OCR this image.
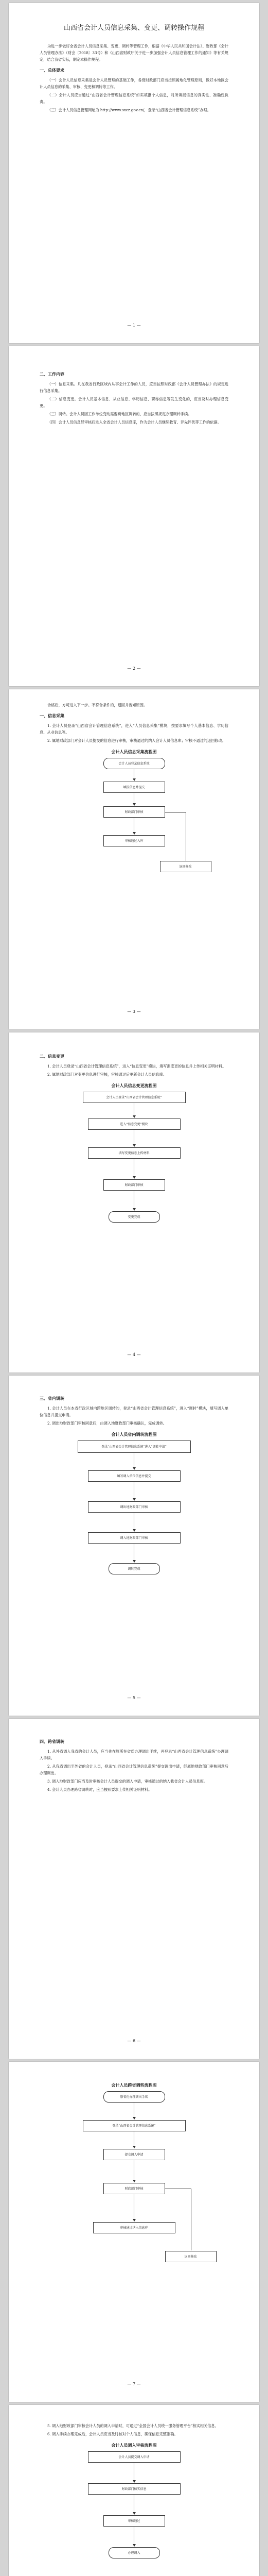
山西省会计人员信息采集、变更、调转操作规程

为进一步做好全省会计人员信息采集、变更、调转等管理工作，根据《中华人民共和国会计法》、财政部《会计人员管理办法》（财会〔2018〕33号）和《山西省财政厅关于进一步加强会计人员信息管理工作的通知》等有关规定，结合我省实际，制定本操作规程。

一、总体要求

（一）会计人员信息采集是会计人员管理的基础工作，各级财政部门应当按照属地化管理原则，做好本地区会计人员信息的采集、审核、变更和调转等工作。

（二）会计人员应当通过“山西省会计管理信息系统”如实填报个人信息，对所填报信息的真实性、准确性负责。

（三）会计人员信息管理网址为 http://www.sxcz.gov.cn/，登录“山西省会计管理信息系统”办理。

— 1 —
二、工作内容

（一）信息采集。凡在我省行政区域内从事会计工作的人员，应当按照财政部《会计人员管理办法》的规定进行信息采集。

（二）信息变更。会计人员基本信息、从业信息、学历信息、职称信息等发生变化的，应当及时办理信息变更。

（三）调转。会计人员因工作单位变动需要跨地区调转的，应当按照规定办理调转手续。

（四）会计人员信息经审核后进入全省会计人员信息库，作为会计人员继续教育、评先评优等工作的依据。

— 2 —

合格后，方可进入下一步。不符合条件的，退回并告知原因。

一、信息采集

1. 会计人员登录“山西省会计管理信息系统”，进入“人员信息采集”模块，按要求填写个人基本信息、学历信息、从业信息等。

2. 属地财政部门对会计人员提交的信息进行审核，审核通过的纳入会计人员信息库；审核不通过的退回修改。

会计人员信息采集流程图
会计人员登录信息系统
填报信息并提交
财政部门审核
审核通过入库
退回修改
— 3 —
二、信息变更

1. 会计人员登录“山西省会计管理信息系统”，进入“信息变更”模块，填写需变更的信息并上传相关证明材料。

2. 属地财政部门对变更信息进行审核，审核通过后更新会计人员信息库。

会计人员信息变更流程图
会计人员登录“山西省会计管理信息系统”
进入“信息变更”模块
填写变更信息上传材料
财政部门审核
变更完成
— 4 —
三、省内调转

1. 会计人员在本省行政区域内跨地区调转的，登录“山西省会计管理信息系统”，进入“调转”模块，填写调入单位信息并提交申请。

2. 调出地财政部门审核同意后，由调入地财政部门审核确认，完成调转。

会计人员省内调转流程图
登录“山西省会计管理信息系统”进入“调转申请”
填写调入单位信息并提交
调出地财政部门审核
调入地财政部门审核
调转完成
— 5 —
四、跨省调转

1. 从外省调入我省的会计人员，应当先在原所在省份办理调出手续，再登录“山西省会计管理信息系统”办理调入手续。

2. 从我省调出至外省的会计人员，登录“山西省会计管理信息系统”提交调出申请，经属地财政部门审核同意后办理调出。

3. 调入地财政部门应当及时审核会计人员提交的调入申请，审核通过的纳入我省会计人员信息库。

4. 会计人员办理跨省调转时，应当按照要求上传相关证明材料。

— 6 —
会计人员跨省调转流程图
原省份办理调出手续
登录“山西省会计管理信息系统”
提交调入申请
财政部门审核
审核通过纳入信息库
退回修改
— 7 —

5. 调入地财政部门审核会计人员的调入申请时，可通过“全国会计人员统一服务管理平台”核实相关信息。

6. 调入手续办理完成后，会计人员应当及时核对个人信息，确保信息完整准确。

会计人员调入审核流程图
会计人员提交调入申请
财政部门核实信息
审核通过
办理调入
